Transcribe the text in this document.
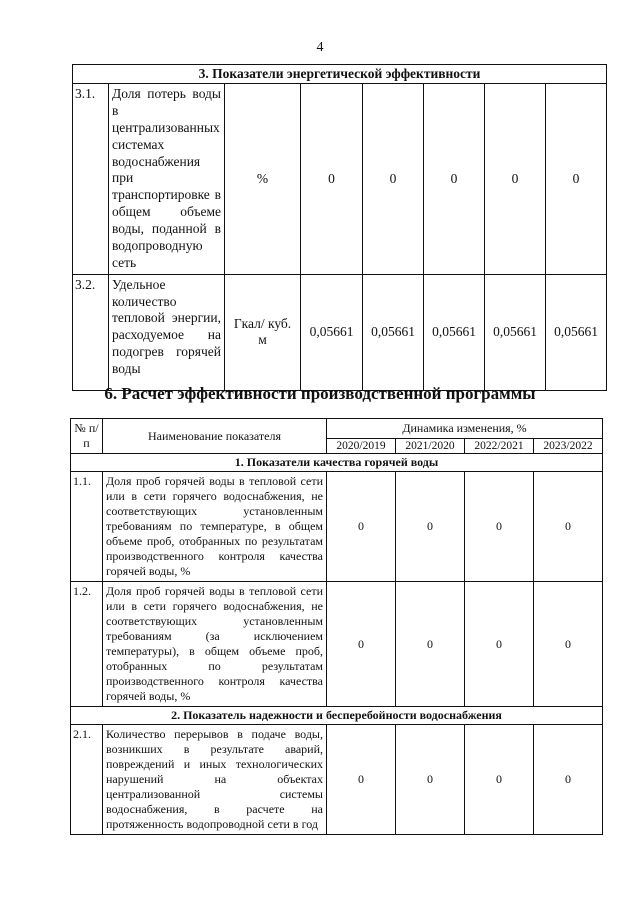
4
3. Показатели энергетической эффективности							
3.1.	Доля потерь воды в централизованных системах водоснабжения при транспортировке в общем объеме воды, поданной в водопроводную сеть	%	0	0	0	0	0
3.2.	Удельное количество тепловой энергии, расходуемое на подогрев горячей воды	Гкал/ куб. м	0,05661	0,05661	0,05661	0,05661	0,05661
6. Расчет эффективности производственной программы
№ п/п	Наименование показателя	Динамика изменения, %			
		2020/2019	2021/2020	2022/2021	2023/2022
1. Показатели качества горячей воды					
1.1.	Доля проб горячей воды в тепловой сети или в сети горячего водоснабжения, не соответствующих установленным требованиям по температуре, в общем объеме проб, отобранных по результатам производственного контроля качества горячей воды, %	0	0	0	0
1.2.	Доля проб горячей воды в тепловой сети или в сети горячего водоснабжения, не соответствующих установленным требованиям (за исключением температуры), в общем объеме проб, отобранных по результатам производственного контроля качества горячей воды, %	0	0	0	0
2. Показатель надежности и бесперебойности водоснабжения					
2.1.	Количество перерывов в подаче воды, возникших в результате аварий, повреждений и иных технологических нарушений на объектах централизованной системы водоснабжения, в расчете на протяженность водопроводной сети в год	0	0	0	0
